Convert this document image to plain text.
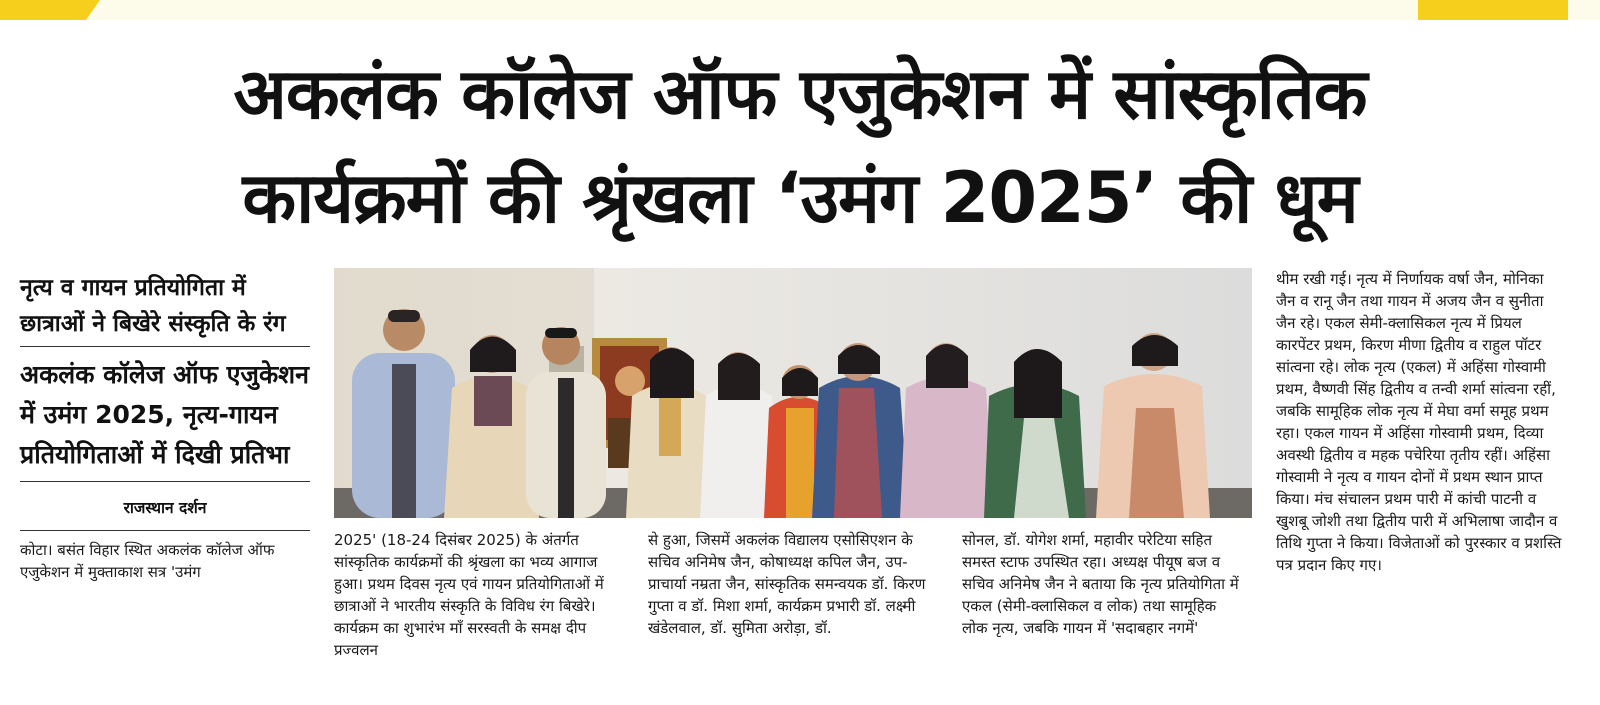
अकलंक कॉलेज ऑफ एजुकेशन में सांस्कृतिक
कार्यक्रमों की श्रृंखला ‘उमंग 2025’ की धूम
नृत्य व गायन प्रतियोगिता में छात्राओं ने बिखेरे संस्कृति के रंग
अकलंक कॉलेज ऑफ एजुकेशन में उमंग 2025, नृत्य-गायन प्रतियोगिताओं में दिखी प्रतिभा
राजस्थान दर्शन
कोटा। बसंत विहार स्थित अकलंक कॉलेज ऑफ एजुकेशन में मुक्ताकाश सत्र 'उमंग
2025' (18-24 दिसंबर 2025) के अंतर्गत सांस्कृतिक कार्यक्रमों की श्रृंखला का भव्य आगाज हुआ। प्रथम दिवस नृत्य एवं गायन प्रतियोगिताओं में छात्राओं ने भारतीय संस्कृति के विविध रंग बिखेरे। कार्यक्रम का शुभारंभ माँ सरस्वती के समक्ष दीप प्रज्वलन
से हुआ, जिसमें अकलंक विद्यालय एसोसिएशन के सचिव अनिमेष जैन, कोषाध्यक्ष कपिल जैन, उप-प्राचार्या नम्रता जैन, सांस्कृतिक समन्वयक डॉ. किरण गुप्ता व डॉ. मिशा शर्मा, कार्यक्रम प्रभारी डॉ. लक्ष्मी खंडेलवाल, डॉ. सुमिता अरोड़ा, डॉ.
सोनल, डॉ. योगेश शर्मा, महावीर परेटिया सहित समस्त स्टाफ उपस्थित रहा। अध्यक्ष पीयूष बज व सचिव अनिमेष जैन ने बताया कि नृत्य प्रतियोगिता में एकल (सेमी-क्लासिकल व लोक) तथा सामूहिक लोक नृत्य, जबकि गायन में 'सदाबहार नगमें'
थीम रखी गई। नृत्य में निर्णायक वर्षा जैन, मोनिका जैन व रानू जैन तथा गायन में अजय जैन व सुनीता जैन रहे। एकल सेमी-क्लासिकल नृत्य में प्रियल कारपेंटर प्रथम, किरण मीणा द्वितीय व राहुल पॉटर सांत्वना रहे। लोक नृत्य (एकल) में अहिंसा गोस्वामी प्रथम, वैष्णवी सिंह द्वितीय व तन्वी शर्मा सांत्वना रहीं, जबकि सामूहिक लोक नृत्य में मेघा वर्मा समूह प्रथम रहा। एकल गायन में अहिंसा गोस्वामी प्रथम, दिव्या अवस्थी द्वितीय व महक पचेरिया तृतीय रहीं। अहिंसा गोस्वामी ने नृत्य व गायन दोनों में प्रथम स्थान प्राप्त किया। मंच संचालन प्रथम पारी में कांची पाटनी व खुशबू जोशी तथा द्वितीय पारी में अभिलाषा जादौन व तिथि गुप्ता ने किया। विजेताओं को पुरस्कार व प्रशस्ति पत्र प्रदान किए गए।
